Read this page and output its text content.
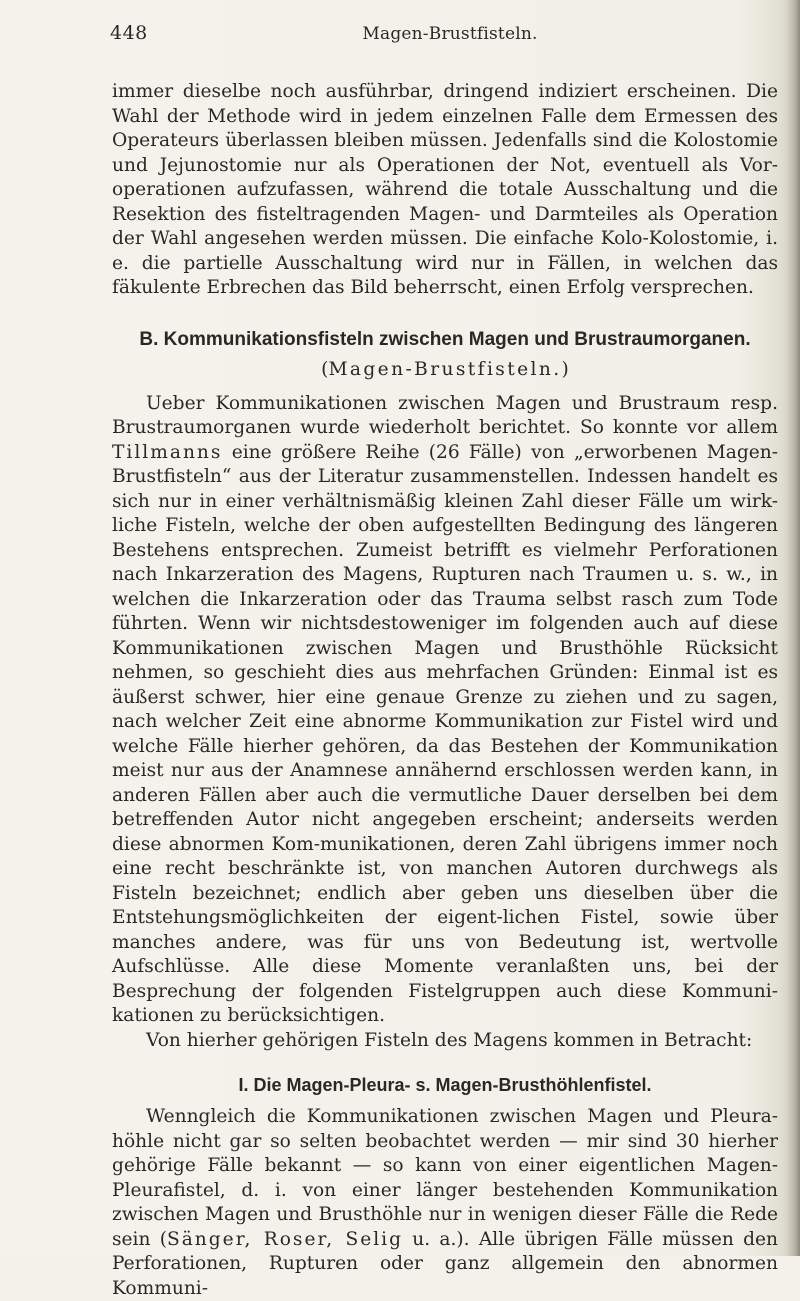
448	Magen-Brustfisteln.

immer dieselbe noch ausführbar, dringend indiziert erscheinen. Die Wahl der Methode wird in jedem einzelnen Falle dem Ermessen des Operateurs überlassen bleiben müssen. Jedenfalls sind die Kolostomie und Jejunostomie nur als Operationen der Not, eventuell als Vor-operationen aufzufassen, während die totale Ausschaltung und die Resektion des fisteltragenden Magen- und Darmteiles als Operation der Wahl angesehen werden müssen. Die einfache Kolo-Kolostomie, i. e. die partielle Ausschaltung wird nur in Fällen, in welchen das fäkulente Erbrechen das Bild beherrscht, einen Erfolg versprechen.

B. Kommunikationsfisteln zwischen Magen und Brustraumorganen.
(Magen-Brustfisteln.)

Ueber Kommunikationen zwischen Magen und Brustraum resp. Brustraumorganen wurde wiederholt berichtet. So konnte vor allem Tillmanns eine größere Reihe (26 Fälle) von „erworbenen Magen-Brustfisteln“ aus der Literatur zusammenstellen. Indessen handelt es sich nur in einer verhältnismäßig kleinen Zahl dieser Fälle um wirk-liche Fisteln, welche der oben aufgestellten Bedingung des längeren Bestehens entsprechen. Zumeist betrifft es vielmehr Perforationen nach Inkarzeration des Magens, Rupturen nach Traumen u. s. w., in welchen die Inkarzeration oder das Trauma selbst rasch zum Tode führten. Wenn wir nichtsdestoweniger im folgenden auch auf diese Kommunikationen zwischen Magen und Brusthöhle Rücksicht nehmen, so geschieht dies aus mehrfachen Gründen: Einmal ist es äußerst schwer, hier eine genaue Grenze zu ziehen und zu sagen, nach welcher Zeit eine abnorme Kommunikation zur Fistel wird und welche Fälle hierher gehören, da das Bestehen der Kommunikation meist nur aus der Anamnese annähernd erschlossen werden kann, in anderen Fällen aber auch die vermutliche Dauer derselben bei dem betreffenden Autor nicht angegeben erscheint; anderseits werden diese abnormen Kom-munikationen, deren Zahl übrigens immer noch eine recht beschränkte ist, von manchen Autoren durchwegs als Fisteln bezeichnet; endlich aber geben uns dieselben über die Entstehungsmöglichkeiten der eigent-lichen Fistel, sowie über manches andere, was für uns von Bedeutung ist, wertvolle Aufschlüsse. Alle diese Momente veranlaßten uns, bei der Besprechung der folgenden Fistelgruppen auch diese Kommuni-kationen zu berücksichtigen.

Von hierher gehörigen Fisteln des Magens kommen in Betracht:

I. Die Magen-Pleura- s. Magen-Brusthöhlenfistel.

Wenngleich die Kommunikationen zwischen Magen und Pleura-höhle nicht gar so selten beobachtet werden — mir sind 30 hierher gehörige Fälle bekannt — so kann von einer eigentlichen Magen-Pleurafistel, d. i. von einer länger bestehenden Kommunikation zwischen Magen und Brusthöhle nur in wenigen dieser Fälle die Rede sein (Sänger, Roser, Selig u. a.). Alle übrigen Fälle müssen den Perforationen, Rupturen oder ganz allgemein den abnormen Kommuni-
